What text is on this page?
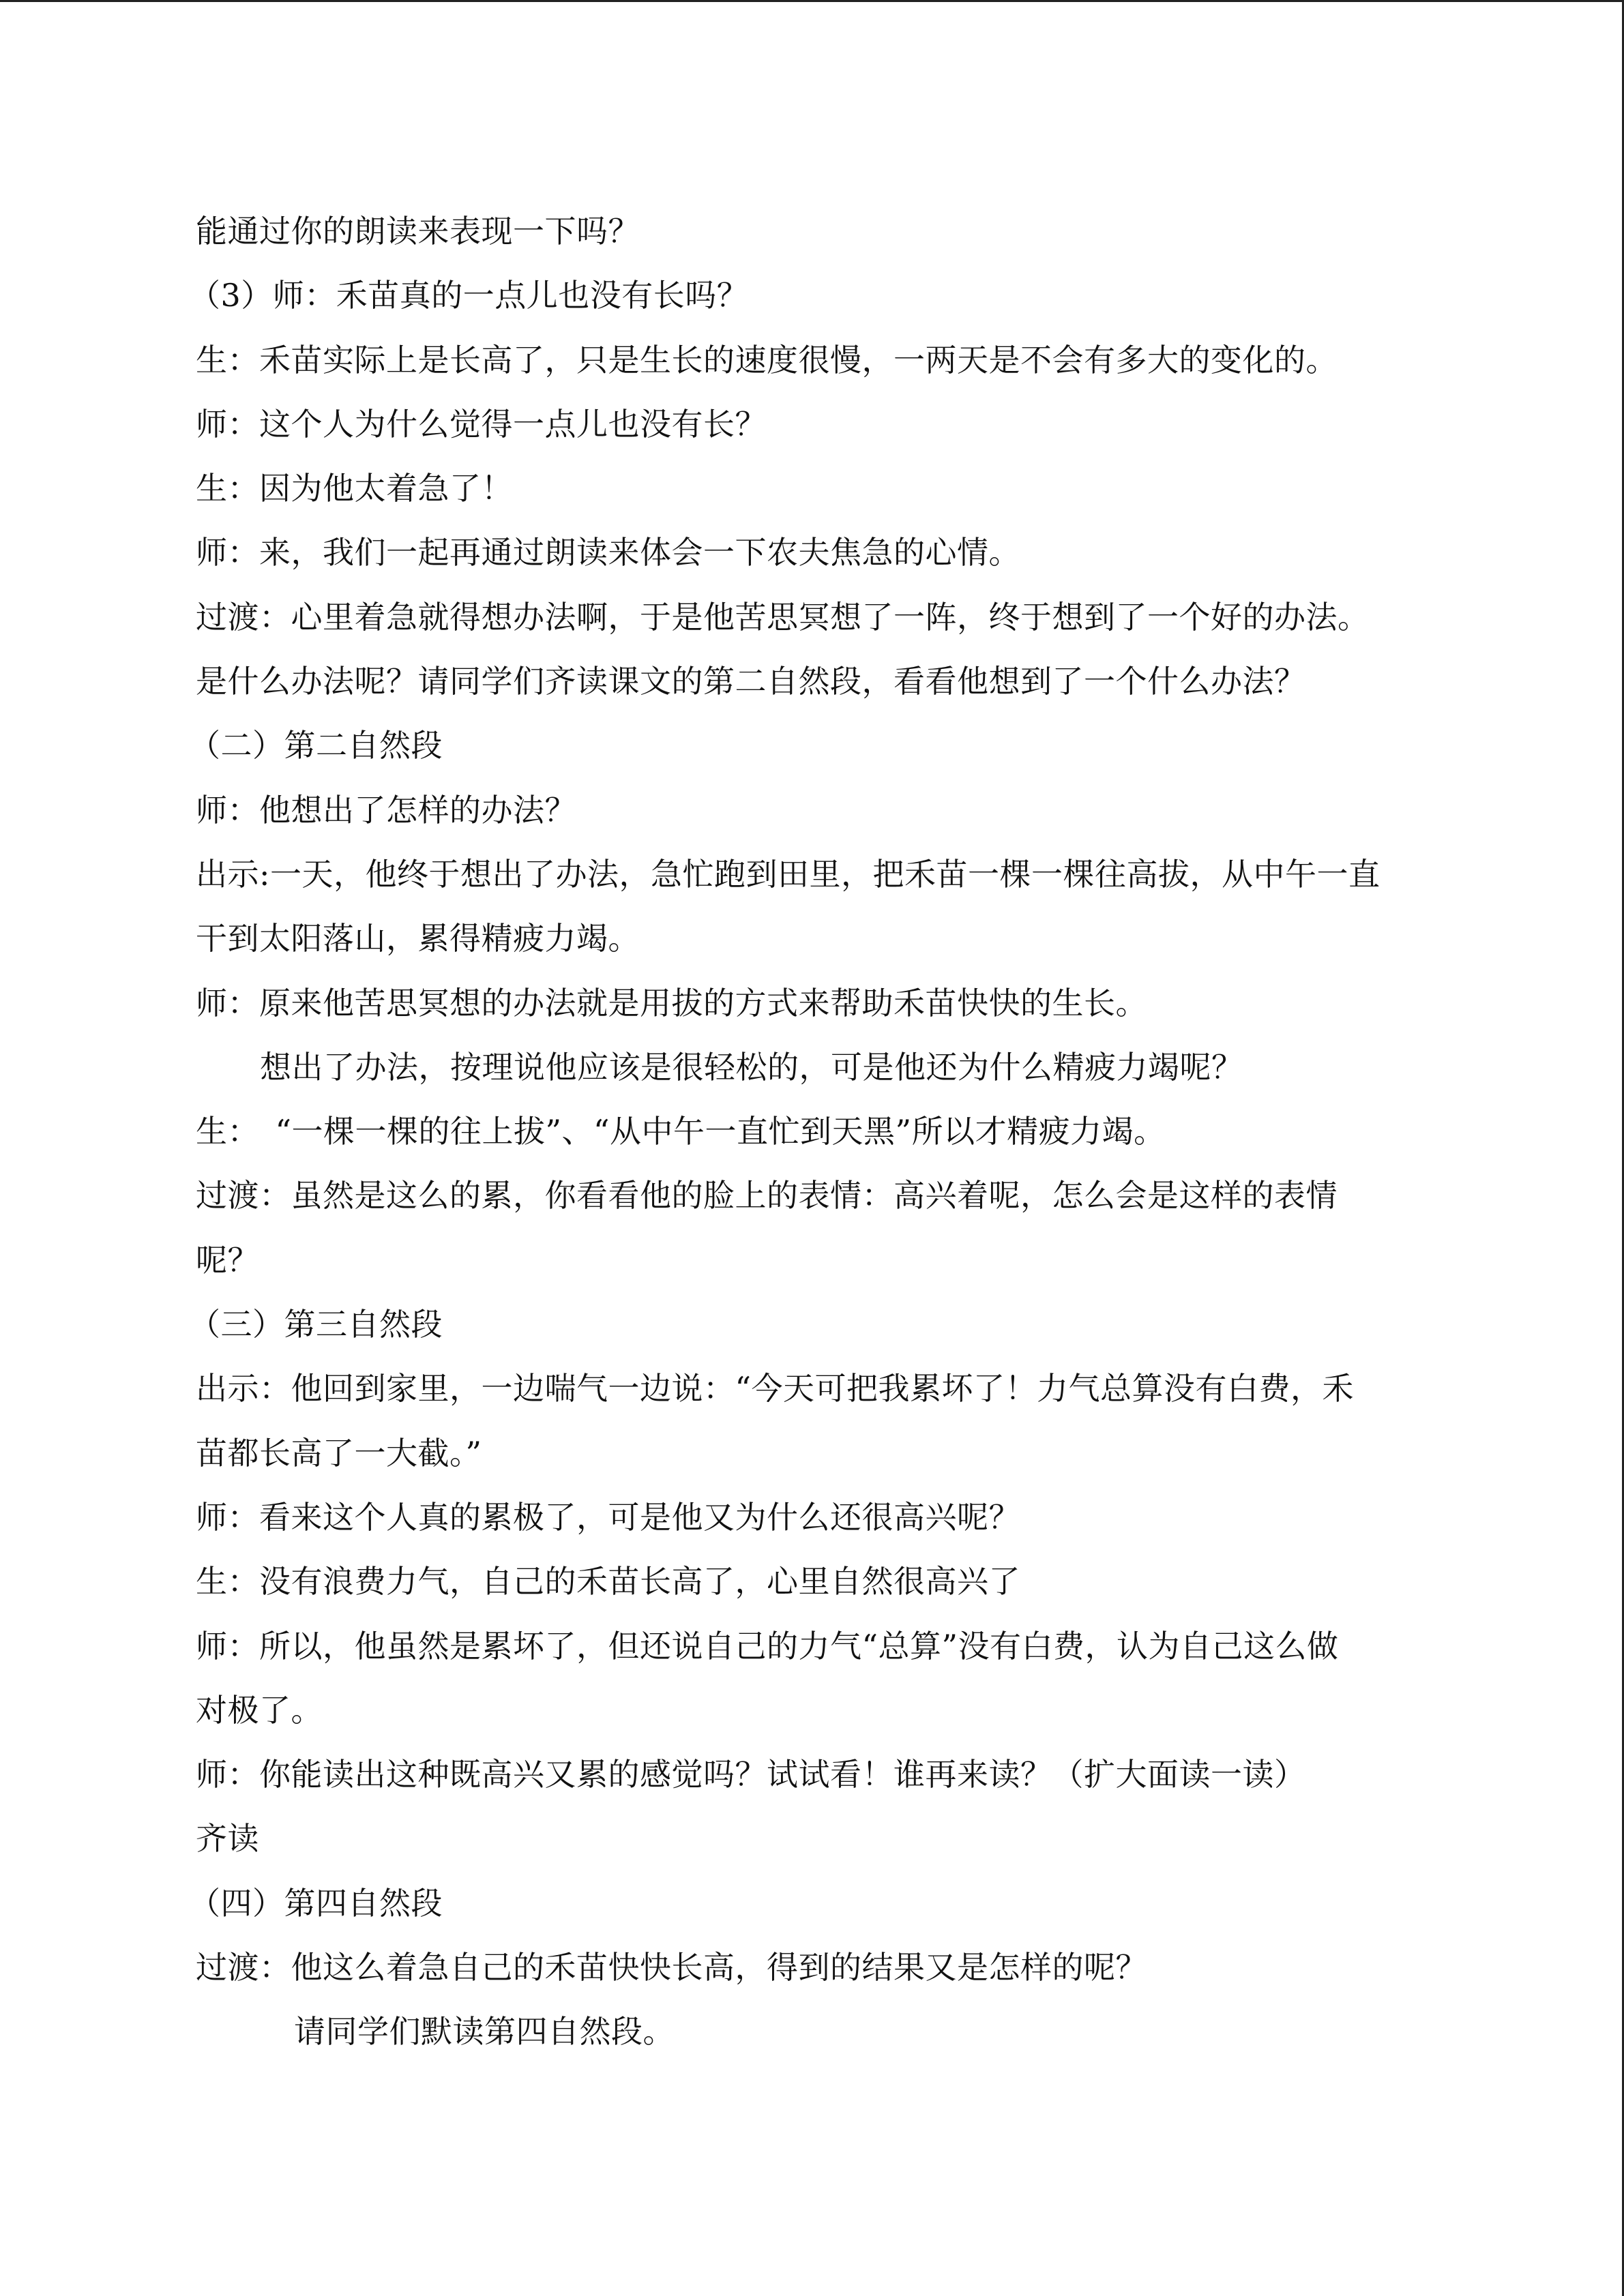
能通过你的朗读来表现一下吗？
（3）师：禾苗真的一点儿也没有长吗？
生：禾苗实际上是长高了，只是生长的速度很慢，一两天是不会有多大的变化的。
师：这个人为什么觉得一点儿也没有长？
生：因为他太着急了！
师：来，我们一起再通过朗读来体会一下农夫焦急的心情。
过渡：心里着急就得想办法啊，于是他苦思冥想了一阵，终于想到了一个好的办法。
是什么办法呢？请同学们齐读课文的第二自然段，看看他想到了一个什么办法？
（二）第二自然段
师：他想出了怎样的办法？
出示:一天，他终于想出了办法，急忙跑到田里，把禾苗一棵一棵往高拔，从中午一直
干到太阳落山，累得精疲力竭。
师：原来他苦思冥想的办法就是用拔的方式来帮助禾苗快快的生长。
想出了办法，按理说他应该是很轻松的，可是他还为什么精疲力竭呢？
生：　“一棵一棵的往上拔”、“从中午一直忙到天黑”所以才精疲力竭。
过渡：虽然是这么的累，你看看他的脸上的表情：高兴着呢，怎么会是这样的表情
呢？
（三）第三自然段
出示：他回到家里，一边喘气一边说：“今天可把我累坏了！力气总算没有白费，禾
苗都长高了一大截。”
师：看来这个人真的累极了，可是他又为什么还很高兴呢？
生：没有浪费力气，自己的禾苗长高了，心里自然很高兴了
师：所以，他虽然是累坏了，但还说自己的力气“总算”没有白费，认为自己这么做
对极了。
师：你能读出这种既高兴又累的感觉吗？试试看！谁再来读？（扩大面读一读）
齐读
（四）第四自然段
过渡：他这么着急自己的禾苗快快长高，得到的结果又是怎样的呢？
请同学们默读第四自然段。
